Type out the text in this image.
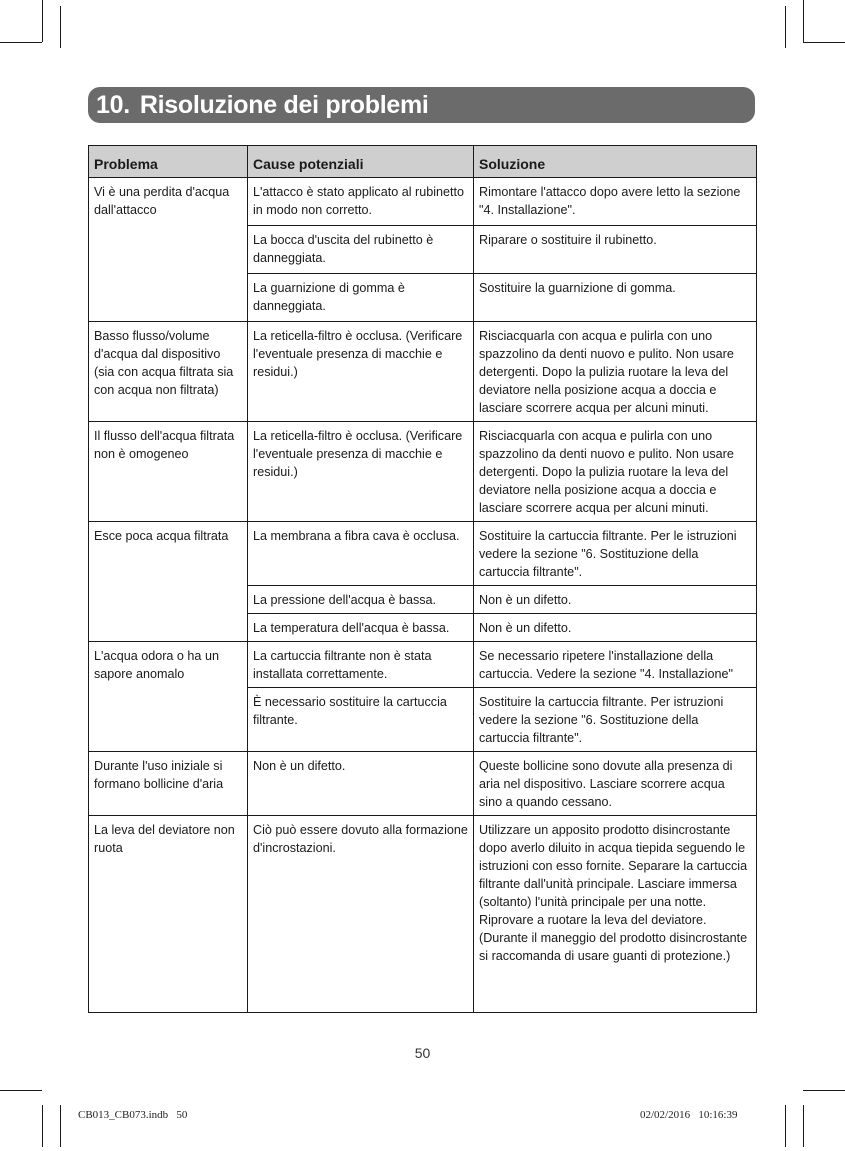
10. Risoluzione dei problemi
Problema	Cause potenziali	Soluzione
Vi è una perdita d'acqua dall'attacco	L'attacco è stato applicato al rubinetto in modo non corretto.	Rimontare l'attacco dopo avere letto la sezione "4. Installazione".
	La bocca d'uscita del rubinetto è danneggiata.	Riparare o sostituire il rubinetto.
	La guarnizione di gomma è danneggiata.	Sostituire la guarnizione di gomma.
Basso flusso/volume d'acqua dal dispositivo (sia con acqua filtrata sia con acqua non filtrata)	La reticella-filtro è occlusa. (Verificare l'eventuale presenza di macchie e residui.)	Risciacquarla con acqua e pulirla con uno spazzolino da denti nuovo e pulito. Non usare detergenti. Dopo la pulizia ruotare la leva del deviatore nella posizione acqua a doccia e lasciare scorrere acqua per alcuni minuti.
Il flusso dell'acqua filtrata non è omogeneo	La reticella-filtro è occlusa. (Verificare l'eventuale presenza di macchie e residui.)	Risciacquarla con acqua e pulirla con uno spazzolino da denti nuovo e pulito. Non usare detergenti. Dopo la pulizia ruotare la leva del deviatore nella posizione acqua a doccia e lasciare scorrere acqua per alcuni minuti.
Esce poca acqua filtrata	La membrana a fibra cava è occlusa.	Sostituire la cartuccia filtrante. Per le istruzioni vedere la sezione "6. Sostituzione della cartuccia filtrante".
	La pressione dell'acqua è bassa.	Non è un difetto.
	La temperatura dell'acqua è bassa.	Non è un difetto.
L'acqua odora o ha un sapore anomalo	La cartuccia filtrante non è stata installata correttamente.	Se necessario ripetere l'installazione della cartuccia. Vedere la sezione "4. Installazione"
	È necessario sostituire la cartuccia filtrante.	Sostituire la cartuccia filtrante. Per istruzioni vedere la sezione "6. Sostituzione della cartuccia filtrante".
Durante l'uso iniziale si formano bollicine d'aria	Non è un difetto.	Queste bollicine sono dovute alla presenza di aria nel dispositivo. Lasciare scorrere acqua sino a quando cessano.
La leva del deviatore non ruota	Ciò può essere dovuto alla formazione d'incrostazioni.	Utilizzare un apposito prodotto disincrostante dopo averlo diluito in acqua tiepida seguendo le istruzioni con esso fornite. Separare la cartuccia filtrante dall'unità principale. Lasciare immersa (soltanto) l'unità principale per una notte. Riprovare a ruotare la leva del deviatore. (Durante il maneggio del prodotto disincrostante si raccomanda di usare guanti di protezione.)
50
CB013_CB073.indb   50	02/02/2016   10:16:39
